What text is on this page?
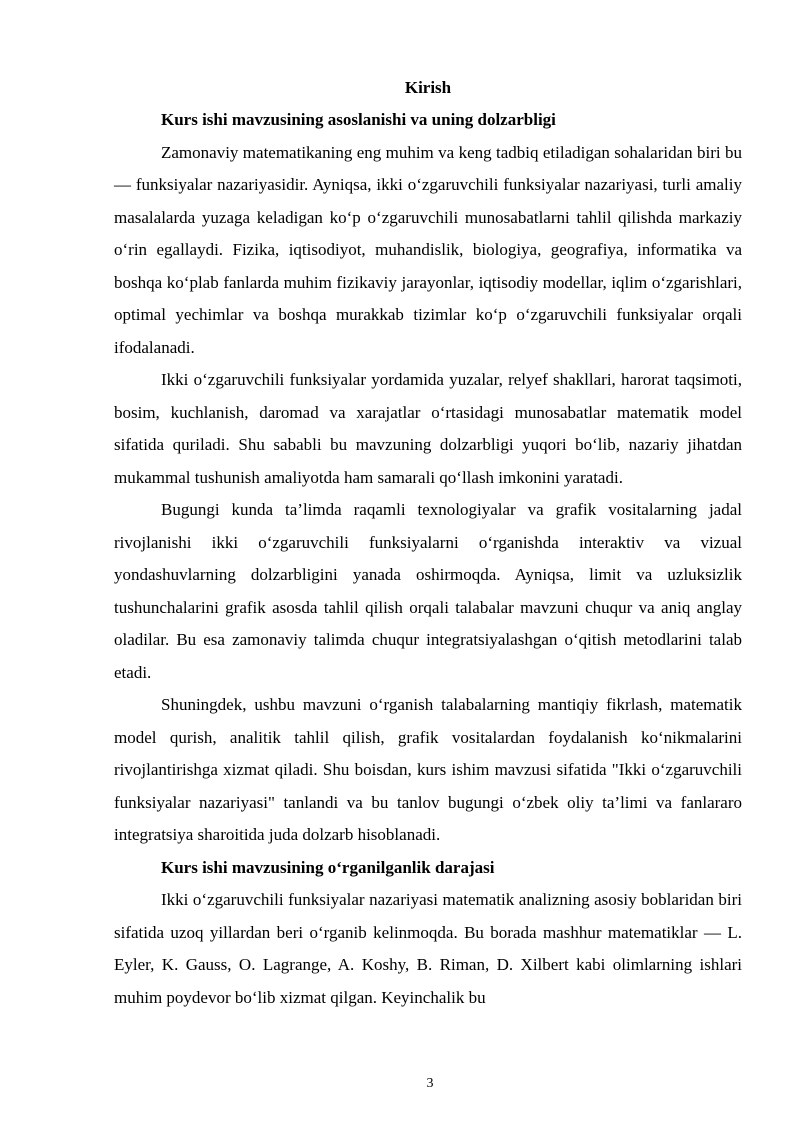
Kirish

Kurs ishi mavzusining asoslanishi va uning dolzarbligi

Zamonaviy matematikaning eng muhim va keng tadbiq etiladigan sohalaridan biri bu — funksiyalar nazariyasidir. Ayniqsa, ikki o‘zgaruvchili funksiyalar nazariyasi, turli amaliy masalalarda yuzaga keladigan ko‘p o‘zgaruvchili munosabatlarni tahlil qilishda markaziy o‘rin egallaydi. Fizika, iqtisodiyot, muhandislik, biologiya, geografiya, informatika va boshqa ko‘plab fanlarda muhim fizikaviy jarayonlar, iqtisodiy modellar, iqlim o‘zgarishlari, optimal yechimlar va boshqa murakkab tizimlar ko‘p o‘zgaruvchili funksiyalar orqali ifodalanadi.

Ikki o‘zgaruvchili funksiyalar yordamida yuzalar, relyef shakllari, harorat taqsimoti, bosim, kuchlanish, daromad va xarajatlar o‘rtasidagi munosabatlar matematik model sifatida quriladi. Shu sababli bu mavzuning dolzarbligi yuqori bo‘lib, nazariy jihatdan mukammal tushunish amaliyotda ham samarali qo‘llash imkonini yaratadi.

Bugungi kunda ta’limda raqamli texnologiyalar va grafik vositalarning jadal rivojlanishi ikki o‘zgaruvchili funksiyalarni o‘rganishda interaktiv va vizual yondashuvlarning dolzarbligini yanada oshirmoqda. Ayniqsa, limit va uzluksizlik tushunchalarini grafik asosda tahlil qilish orqali talabalar mavzuni chuqur va aniq anglay oladilar. Bu esa zamonaviy talimda chuqur integratsiyalashgan o‘qitish metodlarini talab etadi.

Shuningdek, ushbu mavzuni o‘rganish talabalarning mantiqiy fikrlash, matematik model qurish, analitik tahlil qilish, grafik vositalardan foydalanish ko‘nikmalarini rivojlantirishga xizmat qiladi. Shu boisdan, kurs ishim mavzusi sifatida "Ikki o‘zgaruvchili funksiyalar nazariyasi" tanlandi va bu tanlov bugungi o‘zbek oliy ta’limi va fanlararo integratsiya sharoitida juda dolzarb hisoblanadi.

Kurs ishi mavzusining o‘rganilganlik darajasi

Ikki o‘zgaruvchili funksiyalar nazariyasi matematik analizning asosiy boblaridan biri sifatida uzoq yillardan beri o‘rganib kelinmoqda. Bu borada mashhur matematiklar — L. Eyler, K. Gauss, O. Lagrange, A. Koshy, B. Riman, D. Xilbert kabi olimlarning ishlari muhim poydevor bo‘lib xizmat qilgan. Keyinchalik bu

3
